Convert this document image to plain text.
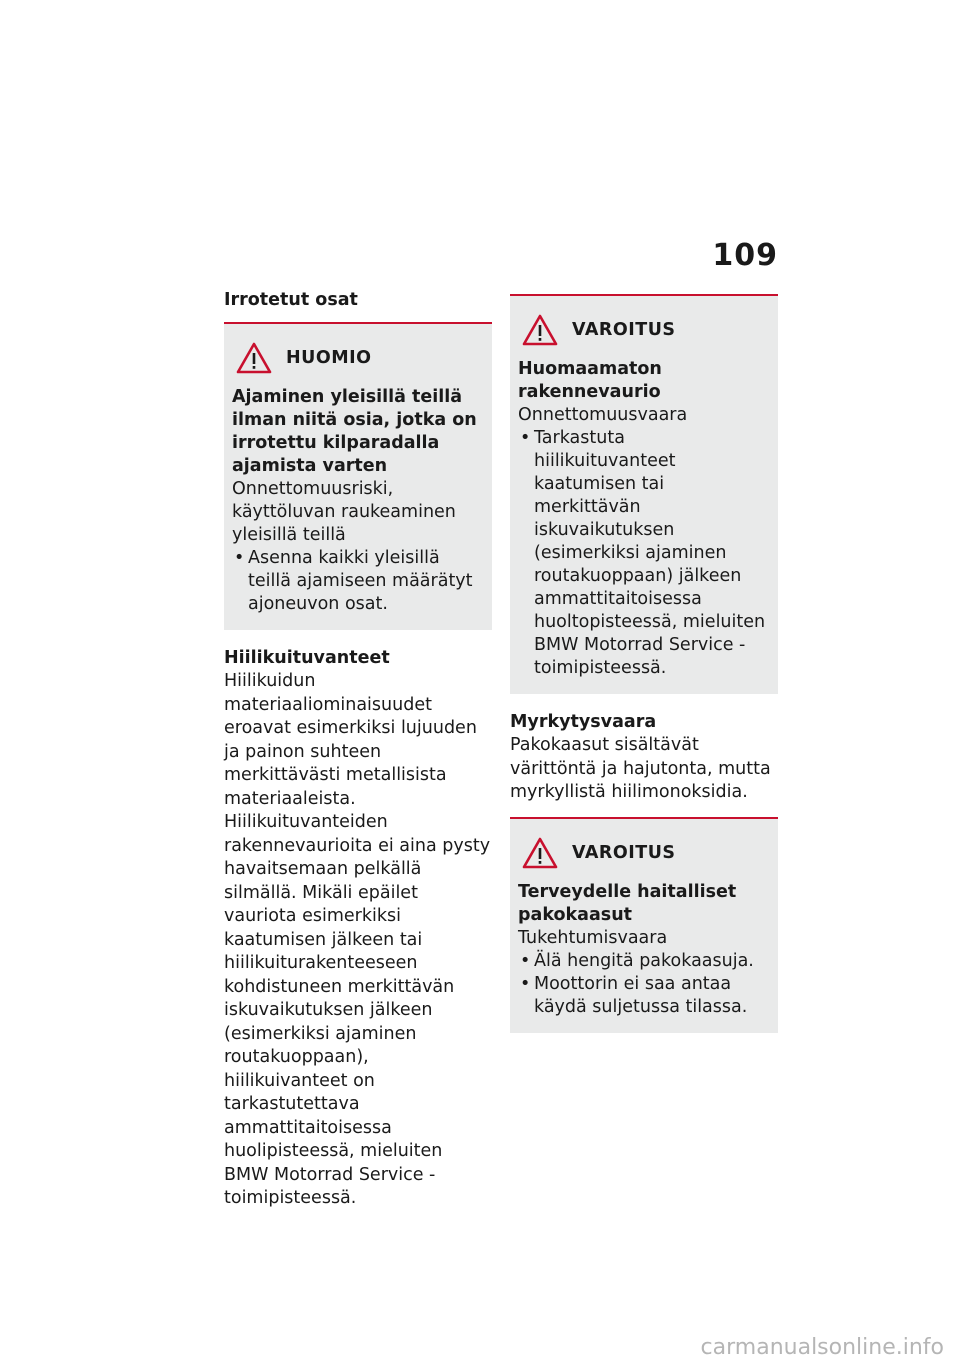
109
Irrotetut osat
HUOMIO

Ajaminen yleisillä teillä ilman niitä osia, jotka on irrotettu kilparadalla ajamista varten

Onnettomuusriski, käyttöluvan raukeaminen yleisillä teillä

• Asenna kaikki yleisillä teillä ajamiseen määrätyt ajoneuvon osat.
Hiilikuituvanteet

Hiilikuidun materiaaliominaisuudet eroavat esimerkiksi lujuuden ja painon suhteen merkittävästi metallisista materiaaleista. Hiilikuituvanteiden rakennevaurioita ei aina pysty havaitsemaan pelkällä silmällä. Mikäli epäilet vauriota esimerkiksi kaatumisen jälkeen tai hiilikuiturakenteeseen kohdistuneen merkittävän iskuvaikutuksen jälkeen (esimerkiksi ajaminen routakuoppaan), hiilikuivanteet on tarkastutettava ammattitaitoisessa huolipisteessä, mieluiten BMW Motorrad Service -toimipisteessä.

VAROITUS

Huomaamaton rakennevaurio

Onnettomuusvaara

• Tarkastuta hiilikuituvanteet kaatumisen tai merkittävän iskuvaikutuksen (esimerkiksi ajaminen routakuoppaan) jälkeen ammattitaitoisessa huoltopisteessä, mieluiten BMW Motorrad Service -toimipisteessä.
Myrkytysvaara

Pakokaasut sisältävät värittöntä ja hajutonta, mutta myrkyllistä hiilimonoksidia.

VAROITUS

Terveydelle haitalliset pakokaasut

Tukehtumisvaara

• Älä hengitä pakokaasuja.
• Moottorin ei saa antaa käydä suljetussa tilassa.
carmanualsonline.info
